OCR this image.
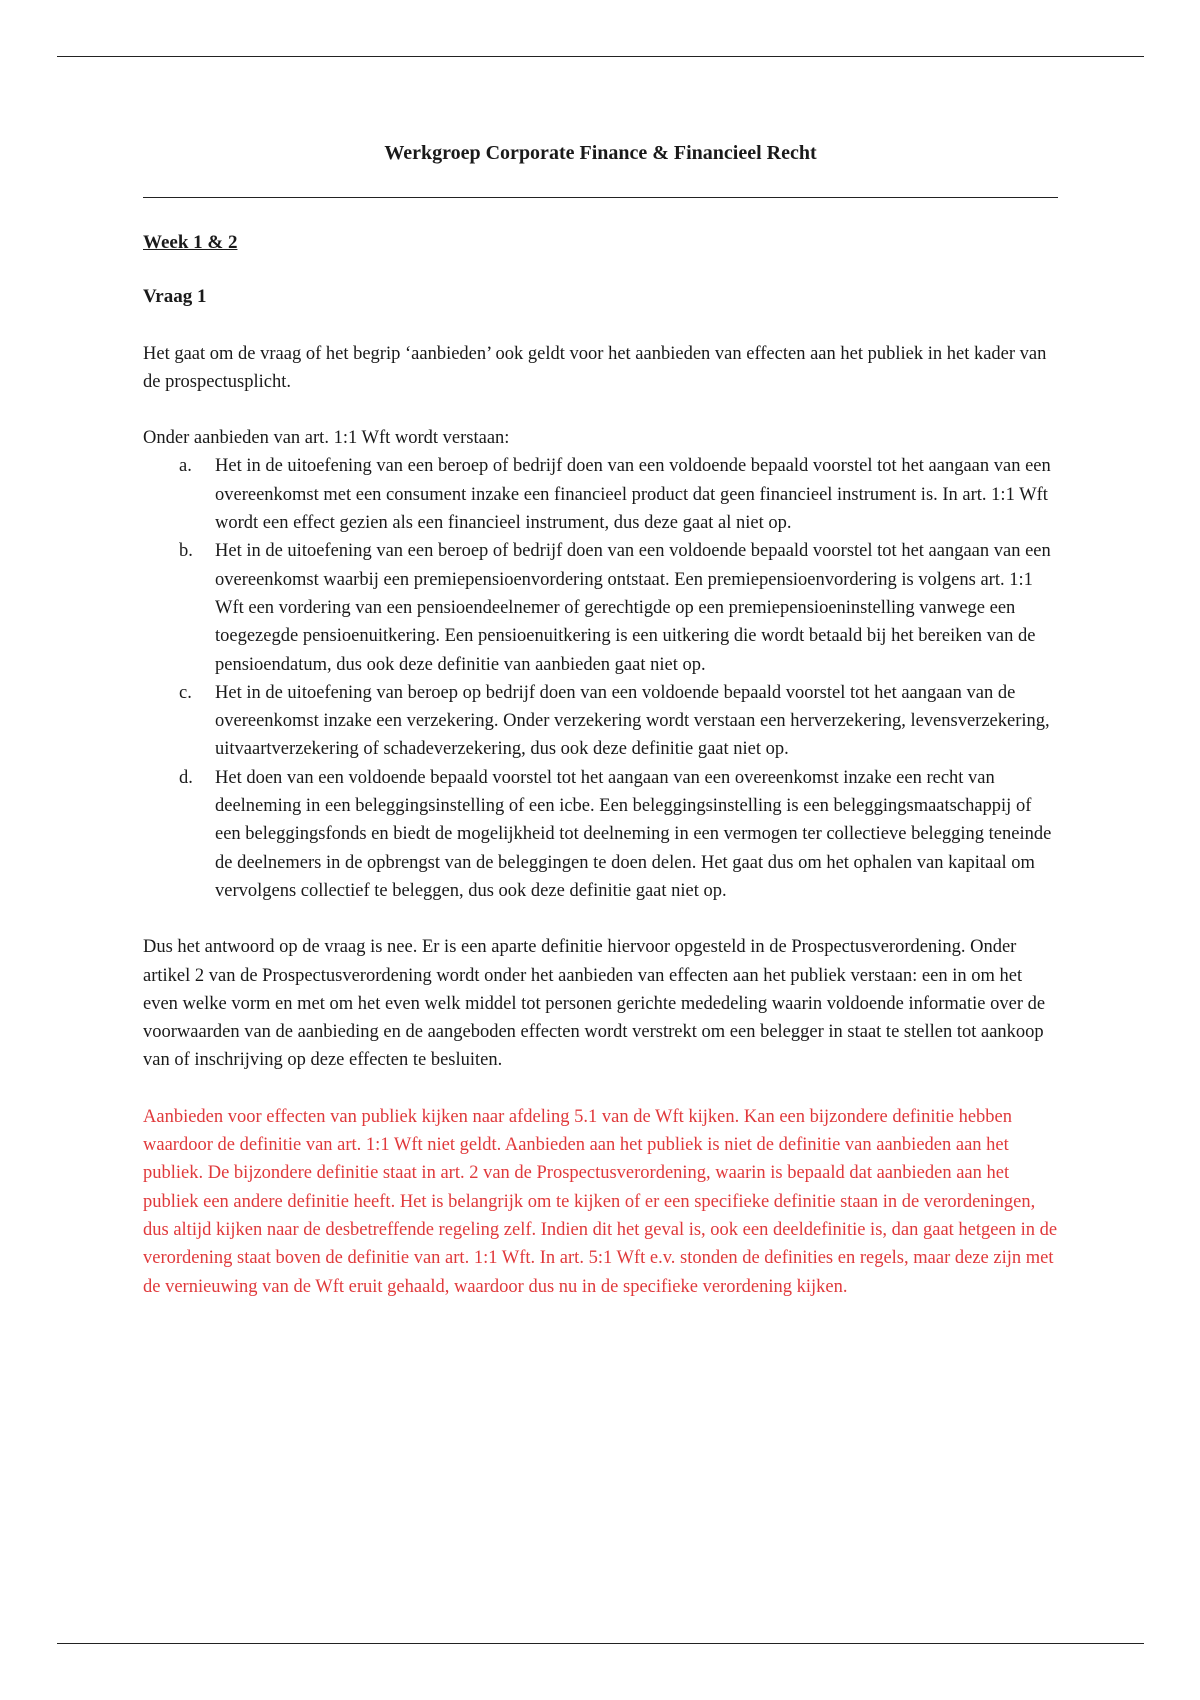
Werkgroep Corporate Finance & Financieel Recht
Week 1 & 2
Vraag 1

Het gaat om de vraag of het begrip ‘aanbieden’ ook geldt voor het aanbieden van effecten aan het publiek in het kader van de prospectusplicht.

Onder aanbieden van art. 1:1 Wft wordt verstaan:

a. Het in de uitoefening van een beroep of bedrijf doen van een voldoende bepaald voorstel tot het aangaan van een overeenkomst met een consument inzake een financieel product dat geen financieel instrument is. In art. 1:1 Wft wordt een effect gezien als een financieel instrument, dus deze gaat al niet op.
b. Het in de uitoefening van een beroep of bedrijf doen van een voldoende bepaald voorstel tot het aangaan van een overeenkomst waarbij een premiepensioenvordering ontstaat. Een premiepensioenvordering is volgens art. 1:1 Wft een vordering van een pensioendeelnemer of gerechtigde op een premiepensioeninstelling vanwege een toegezegde pensioenuitkering. Een pensioenuitkering is een uitkering die wordt betaald bij het bereiken van de pensioendatum, dus ook deze definitie van aanbieden gaat niet op.
c. Het in de uitoefening van beroep op bedrijf doen van een voldoende bepaald voorstel tot het aangaan van de overeenkomst inzake een verzekering. Onder verzekering wordt verstaan een herverzekering, levensverzekering, uitvaartverzekering of schadeverzekering, dus ook deze definitie gaat niet op.
d. Het doen van een voldoende bepaald voorstel tot het aangaan van een overeenkomst inzake een recht van deelneming in een beleggingsinstelling of een icbe. Een beleggingsinstelling is een beleggingsmaatschappij of een beleggingsfonds en biedt de mogelijkheid tot deelneming in een vermogen ter collectieve belegging teneinde de deelnemers in de opbrengst van de beleggingen te doen delen. Het gaat dus om het ophalen van kapitaal om vervolgens collectief te beleggen, dus ook deze definitie gaat niet op.

Dus het antwoord op de vraag is nee. Er is een aparte definitie hiervoor opgesteld in de Prospectusverordening. Onder artikel 2 van de Prospectusverordening wordt onder het aanbieden van effecten aan het publiek verstaan: een in om het even welke vorm en met om het even welk middel tot personen gerichte mededeling waarin voldoende informatie over de voorwaarden van de aanbieding en de aangeboden effecten wordt verstrekt om een belegger in staat te stellen tot aankoop van of inschrijving op deze effecten te besluiten.

Aanbieden voor effecten van publiek kijken naar afdeling 5.1 van de Wft kijken. Kan een bijzondere definitie hebben waardoor de definitie van art. 1:1 Wft niet geldt. Aanbieden aan het publiek is niet de definitie van aanbieden aan het publiek. De bijzondere definitie staat in art. 2 van de Prospectusverordening, waarin is bepaald dat aanbieden aan het publiek een andere definitie heeft. Het is belangrijk om te kijken of er een specifieke definitie staan in de verordeningen, dus altijd kijken naar de desbetreffende regeling zelf. Indien dit het geval is, ook een deeldefinitie is, dan gaat hetgeen in de verordening staat boven de definitie van art. 1:1 Wft. In art. 5:1 Wft e.v. stonden de definities en regels, maar deze zijn met de vernieuwing van de Wft eruit gehaald, waardoor dus nu in de specifieke verordening kijken.
